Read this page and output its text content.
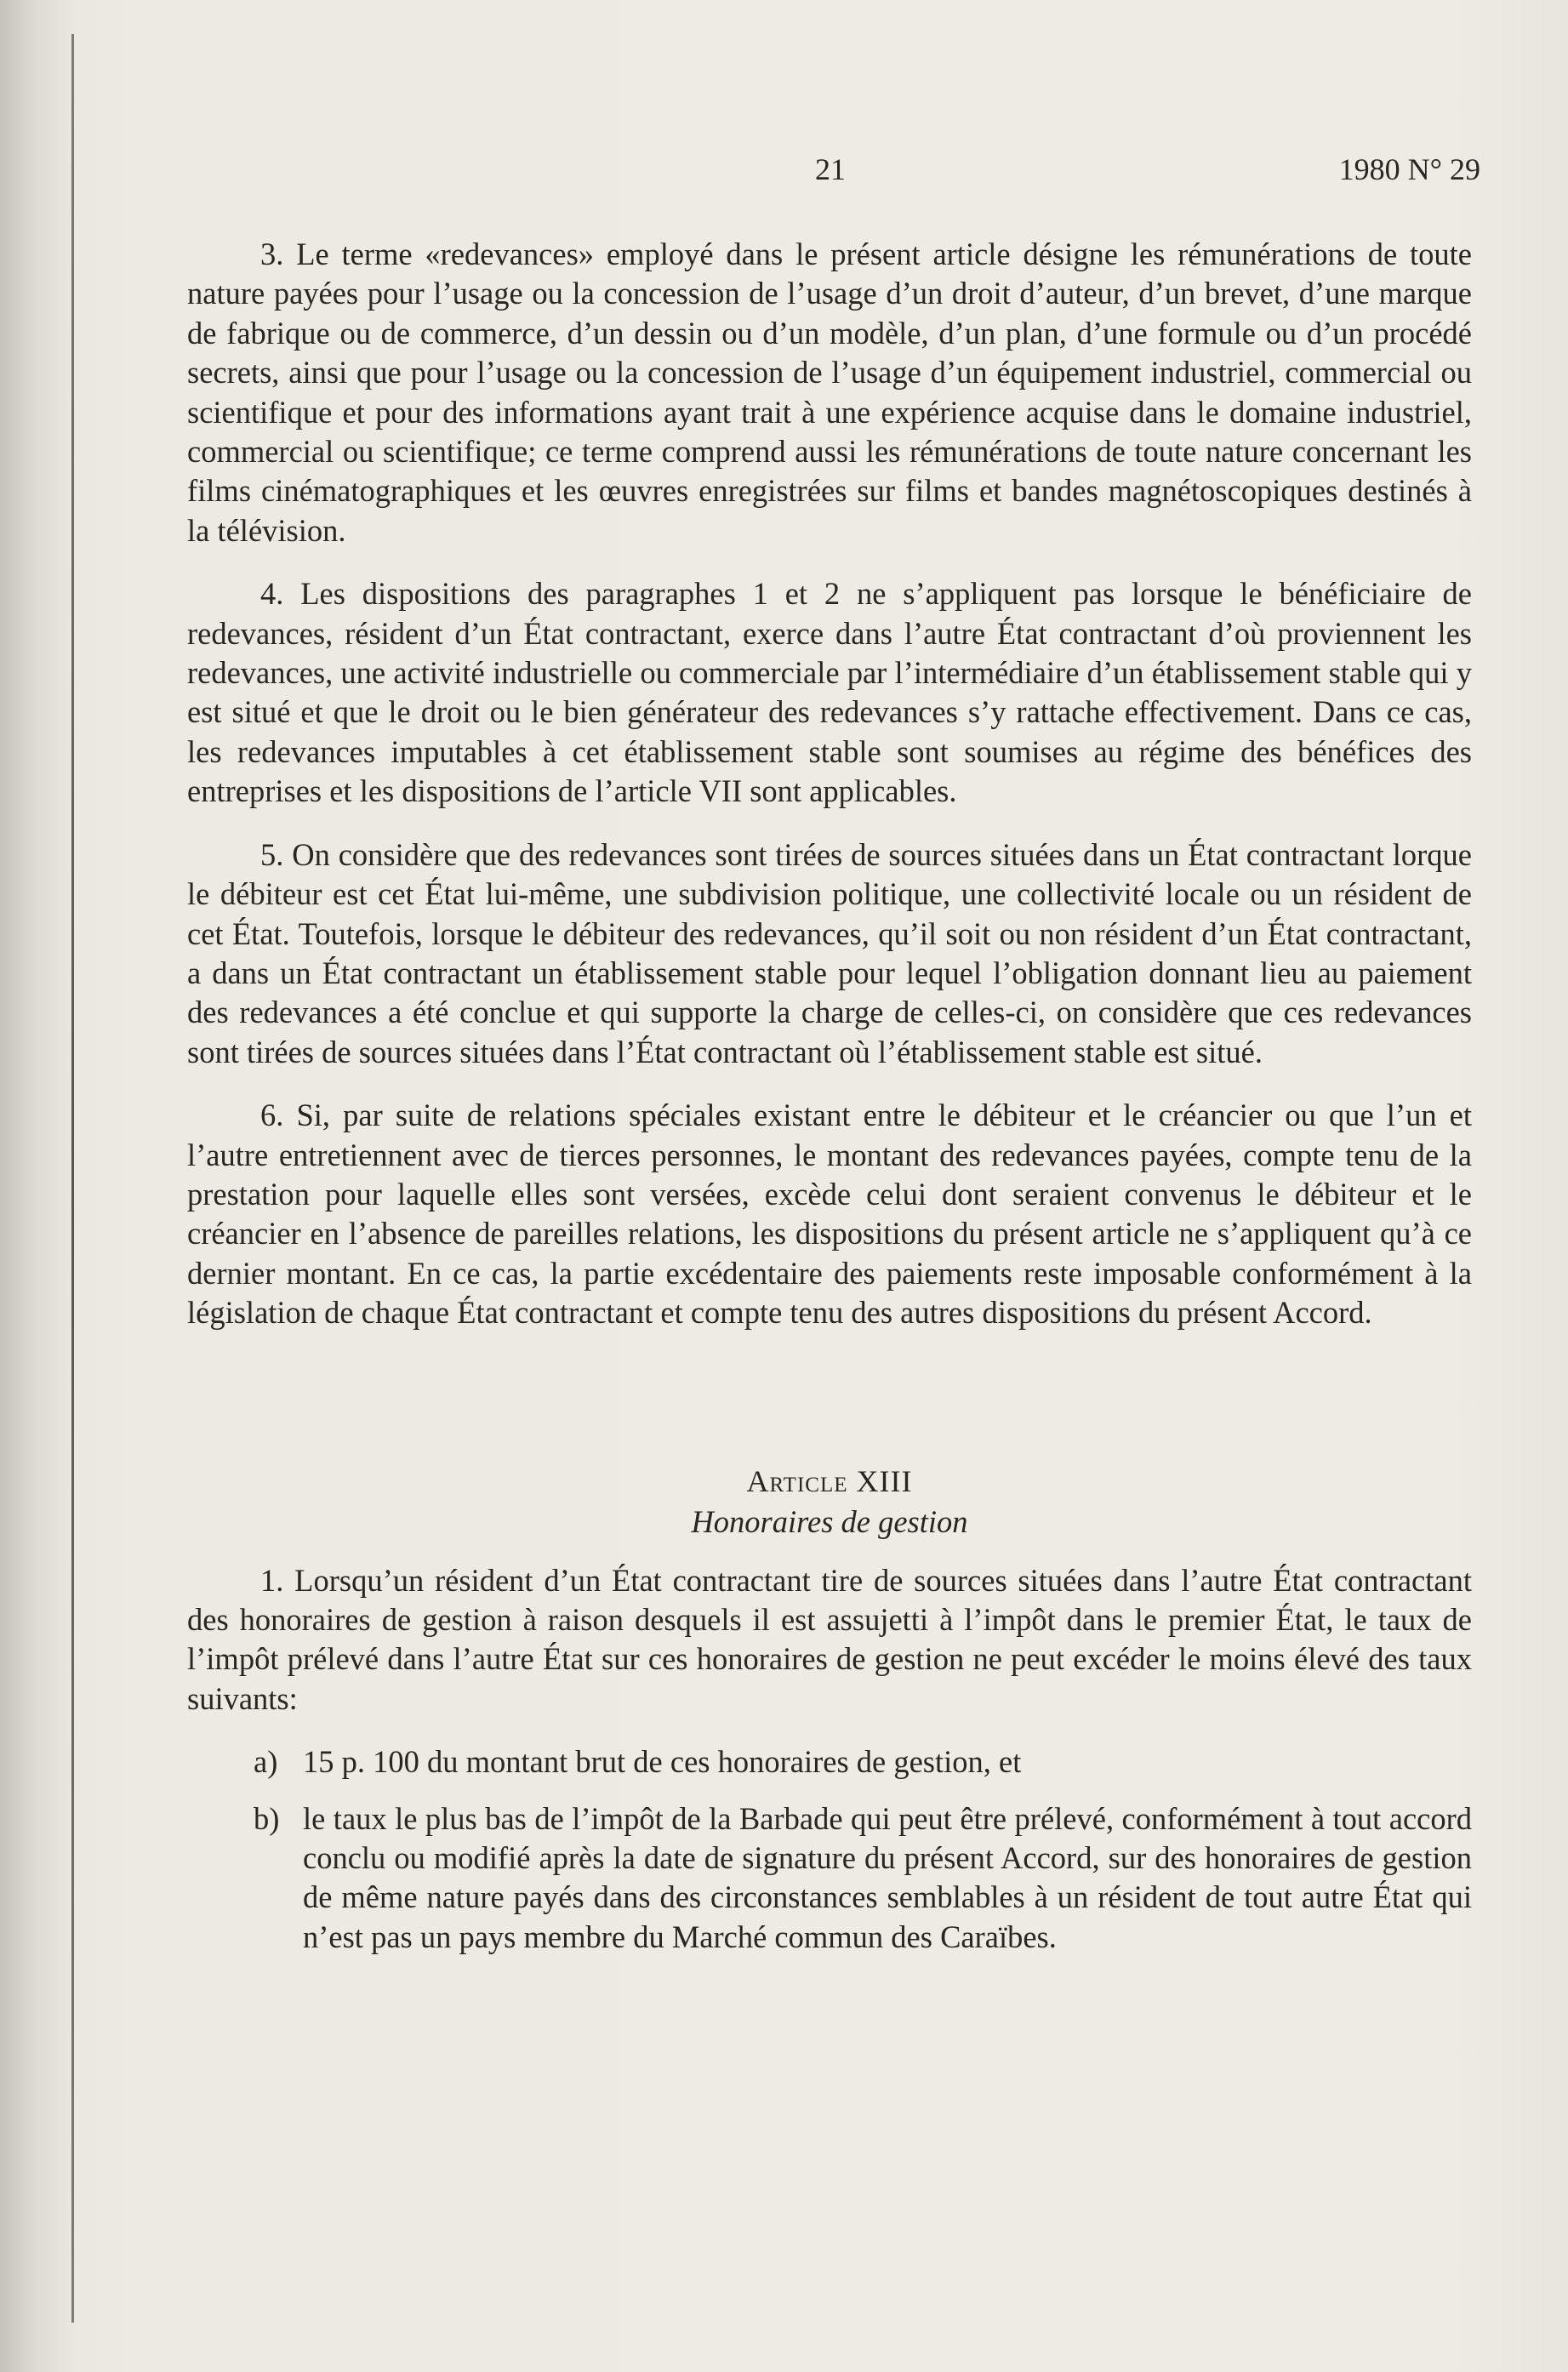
21	1980 N° 29

3. Le terme «redevances» employé dans le présent article désigne les rémunérations de toute nature payées pour l’usage ou la concession de l’usage d’un droit d’auteur, d’un brevet, d’une marque de fabrique ou de commerce, d’un dessin ou d’un modèle, d’un plan, d’une formule ou d’un procédé secrets, ainsi que pour l’usage ou la concession de l’usage d’un équipement industriel, commercial ou scientifique et pour des informations ayant trait à une expérience acquise dans le domaine industriel, commercial ou scientifique; ce terme comprend aussi les rémunérations de toute nature concernant les films cinématographiques et les œuvres enregistrées sur films et bandes magnétoscopiques destinés à la télévision.

4. Les dispositions des paragraphes 1 et 2 ne s’appliquent pas lorsque le bénéficiaire de redevances, résident d’un État contractant, exerce dans l’autre État contractant d’où proviennent les redevances, une activité industrielle ou commerciale par l’intermédiaire d’un établissement stable qui y est situé et que le droit ou le bien générateur des redevances s’y rattache effectivement. Dans ce cas, les redevances imputables à cet établissement stable sont soumises au régime des bénéfices des entreprises et les dispositions de l’article VII sont applicables.

5. On considère que des redevances sont tirées de sources situées dans un État contractant lorque le débiteur est cet État lui-même, une subdivision politique, une collectivité locale ou un résident de cet État. Toutefois, lorsque le débiteur des redevances, qu’il soit ou non résident d’un État contractant, a dans un État contractant un établissement stable pour lequel l’obligation donnant lieu au paiement des redevances a été conclue et qui supporte la charge de celles-ci, on considère que ces redevances sont tirées de sources situées dans l’État contractant où l’établissement stable est situé.

6. Si, par suite de relations spéciales existant entre le débiteur et le créancier ou que l’un et l’autre entretiennent avec de tierces personnes, le montant des redevances payées, compte tenu de la prestation pour laquelle elles sont versées, excède celui dont seraient convenus le débiteur et le créancier en l’absence de pareilles relations, les dispositions du présent article ne s’appliquent qu’à ce dernier montant. En ce cas, la partie excédentaire des paiements reste imposable conformément à la législation de chaque État contractant et compte tenu des autres dispositions du présent Accord.

Article XIII
Honoraires de gestion

1. Lorsqu’un résident d’un État contractant tire de sources situées dans l’autre État contractant des honoraires de gestion à raison desquels il est assujetti à l’impôt dans le premier État, le taux de l’impôt prélevé dans l’autre État sur ces honoraires de gestion ne peut excéder le moins élevé des taux suivants:

a) 15 p. 100 du montant brut de ces honoraires de gestion, et
b) le taux le plus bas de l’impôt de la Barbade qui peut être prélevé, conformément à tout accord conclu ou modifié après la date de signature du présent Accord, sur des honoraires de gestion de même nature payés dans des circonstances semblables à un résident de tout autre État qui n’est pas un pays membre du Marché commun des Caraïbes.
